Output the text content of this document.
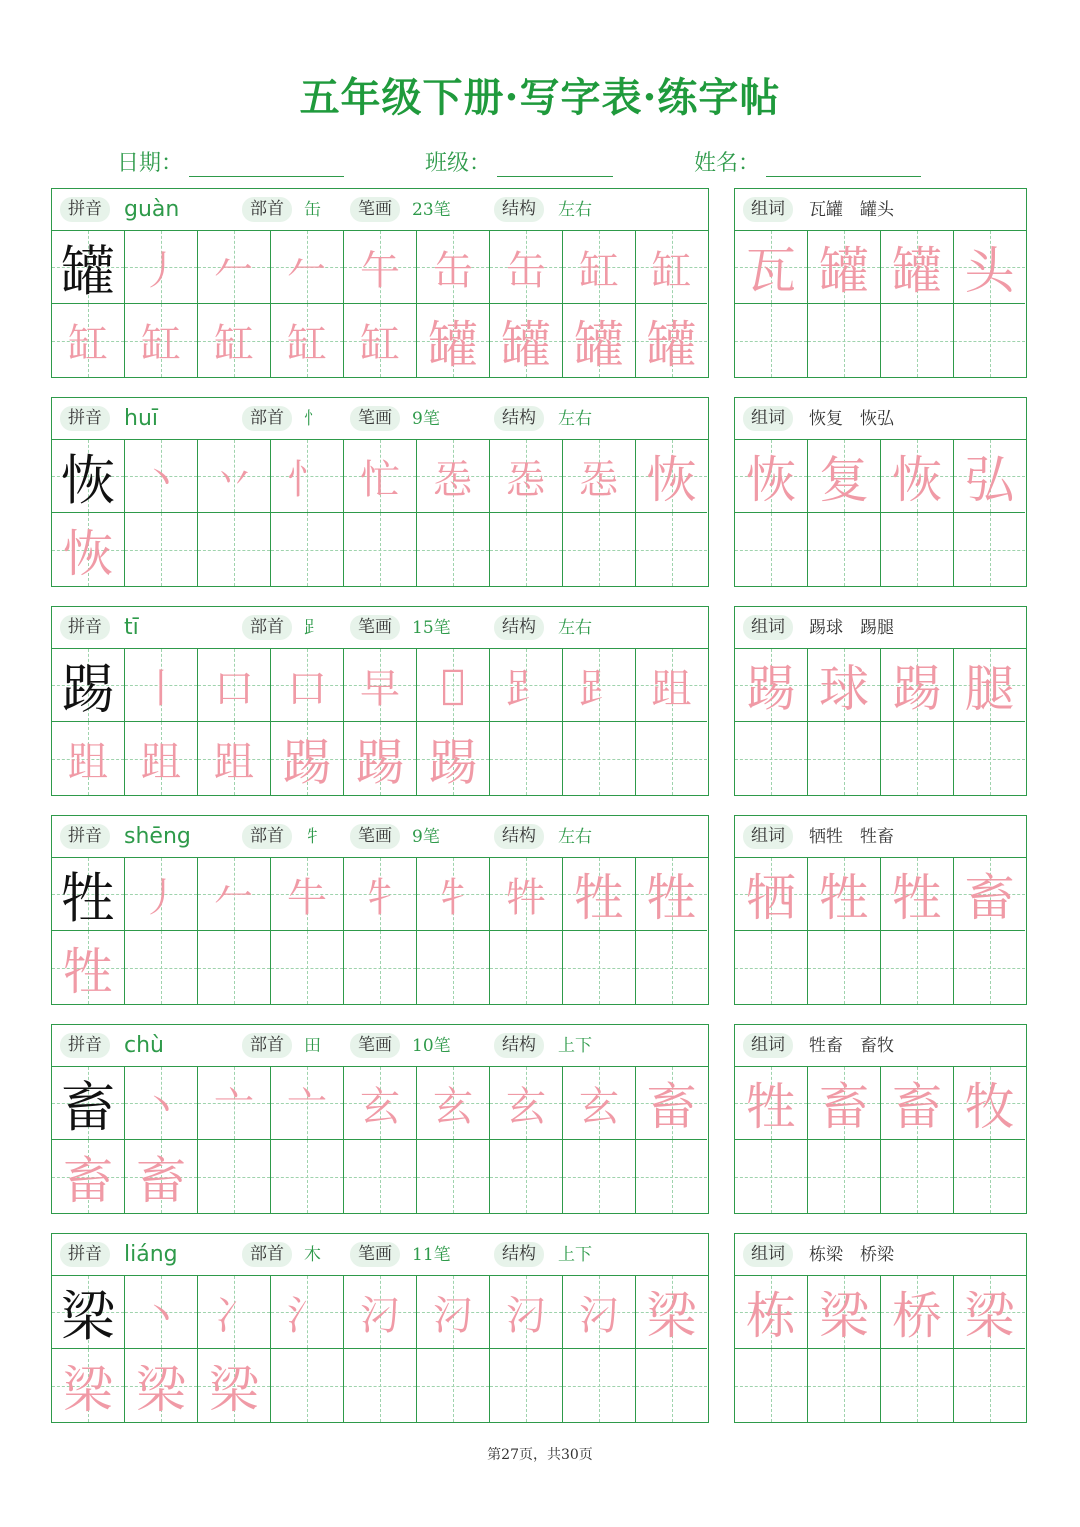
五年级下册·写字表·练字帖
日期：	班级：	姓名：
拼音	guàn	部首	缶	笔画	23笔	结构	左右
罐 丿 𠂉 𠂉 午 缶 缶 缸 缸
缸 缸 缸 缸 缸 罐 罐 罐 罐
组词	瓦罐　罐头
瓦 罐 罐 头
拼音	huī	部首	忄	笔画	9笔	结构	左右
恢 丶 丷 忄 忙 㤅 㤅 㤅 恢
恢
组词	恢复　恢弘
恢 复 恢 弘
拼音	tī	部首	𧾷	笔画	15笔	结构	左右
踢 丨 口 口 早	𠯁	𧾷 𧾷 跙
跙 跙 跙 踢 踢 踢
组词	踢球　踢腿
踢 球 踢 腿
拼音	shēng	部首	牜	笔画	9笔	结构	左右
牲 丿 𠂉 牛 牜 牜 牪 牲 牲
牲
组词	牺牲　牲畜
牺 牲 牲 畜
拼音	chù	部首	田	笔画	10笔	结构	上下
畜 丶 亠 亠 玄 玄 玄 玄 畜
畜 畜
组词	牲畜　畜牧
牲 畜 畜 牧
拼音	liáng	部首	木	笔画	11笔	结构	上下
梁 丶 冫 氵 汈 汈 汈 汈 梁
梁 梁 梁
组词	栋梁　桥梁
栋 梁 桥 梁
第27页，共30页
